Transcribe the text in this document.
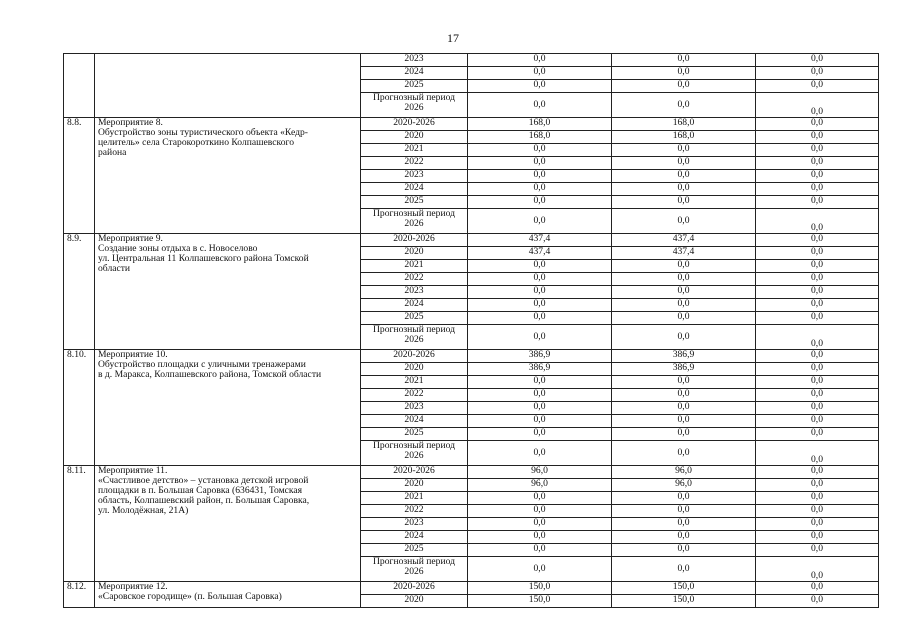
17

	2023	0,0	0,0	0,0
		2024	0,0	0,0	0,0
		2025	0,0	0,0	0,0
		Прогнозный период 2026	0,0	0,0	0,0
8.8.	Мероприятие 8.
Обустройство зоны туристического объекта «Кедр-
целитель» села Старокороткино Колпашевского
района	2020-2026	168,0	168,0	0,0
		2020	168,0	168,0	0,0
		2021	0,0	0,0	0,0
		2022	0,0	0,0	0,0
		2023	0,0	0,0	0,0
		2024	0,0	0,0	0,0
		2025	0,0	0,0	0,0
		Прогнозный период 2026	0,0	0,0	0,0
8.9.	Мероприятие 9.
Создание зоны отдыха в с. Новоселово
ул. Центральная 11 Колпашевского района Томской
области	2020-2026	437,4	437,4	0,0
		2020	437,4	437,4	0,0
		2021	0,0	0,0	0,0
		2022	0,0	0,0	0,0
		2023	0,0	0,0	0,0
		2024	0,0	0,0	0,0
		2025	0,0	0,0	0,0
		Прогнозный период 2026	0,0	0,0	0,0
8.10.	Мероприятие 10.
Обустройство площадки с уличными тренажерами
в д. Маракса, Колпашевского района, Томской области	2020-2026	386,9	386,9	0,0
		2020	386,9	386,9	0,0
		2021	0,0	0,0	0,0
		2022	0,0	0,0	0,0
		2023	0,0	0,0	0,0
		2024	0,0	0,0	0,0
		2025	0,0	0,0	0,0
		Прогнозный период 2026	0,0	0,0	0,0
8.11.	Мероприятие 11.
«Счастливое детство» – установка детской игровой
площадки в п. Большая Саровка (636431, Томская
область, Колпашевский район, п. Большая Саровка,
ул. Молодёжная, 21А)	2020-2026	96,0	96,0	0,0
		2020	96,0	96,0	0,0
		2021	0,0	0,0	0,0
		2022	0,0	0,0	0,0
		2023	0,0	0,0	0,0
		2024	0,0	0,0	0,0
		2025	0,0	0,0	0,0
		Прогнозный период 2026	0,0	0,0	0,0
8.12.	Мероприятие 12.
«Саровское городище» (п. Большая Саровка)	2020-2026	150,0	150,0	0,0
		2020	150,0	150,0	0,0
